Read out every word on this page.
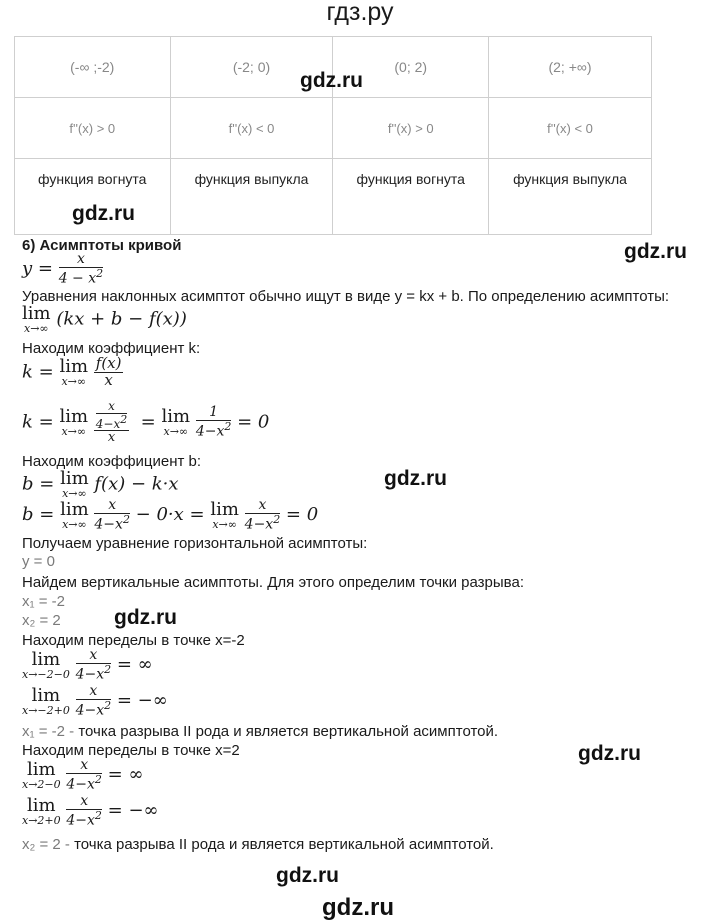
гдз.ру
(-∞ ;-2)	(-2; 0)	(0; 2)	(2; +∞)
f''(x) > 0	f''(x) < 0	f''(x) > 0	f''(x) < 0
функция вогнута	функция выпукла	функция вогнута	функция выпукла
gdz.ru
gdz.ru
gdz.ru
gdz.ru
gdz.ru
gdz.ru
gdz.ru
gdz.ru
6) Асимптоты кривой
$y = \frac{x}{4 - x^2}$
Уравнения наклонных асимптот обычно ищут в виде y = kx + b. По определению асимптоты:
lim
x→∞ (kx + b − f(x))
Находим коэффициент k:
k = lim
x→∞
$\frac{f(x)}{x}$
k = lim
x→∞
$\frac{\frac{x}{4-x2}}{x} = \lim$
x→∞
$\frac{1}{4-x^2} = 0$
Находим коэффициент b:
b = lim
x→∞ f(x) − k·x
b = lim
x→∞
$\frac{x}{4-x^2} - 0\cdot x = \lim$
x→∞
$\frac{x}{4-x^2} = 0$
Получаем уравнение горизонтальной асимптоты:
y = 0
Найдем вертикальные асимптоты. Для этого определим точки разрыва:
x₁ = -2
x₂ = 2
Находим переделы в точке x=-2
lim
x→−2−0
$\frac{x}{4-x^2}$ = ∞
lim
x→−2+0
$\frac{x}{4-x^2}$ = −∞
x₁ = -2 - точка разрыва II рода и является вертикальной асимптотой.
Находим переделы в точке x=2
lim
x→2−0
$\frac{x}{4-x^2}$ = ∞
lim
x→2+0
$\frac{x}{4-x^2}$ = −∞
x₂ = 2 - точка разрыва II рода и является вертикальной асимптотой.
